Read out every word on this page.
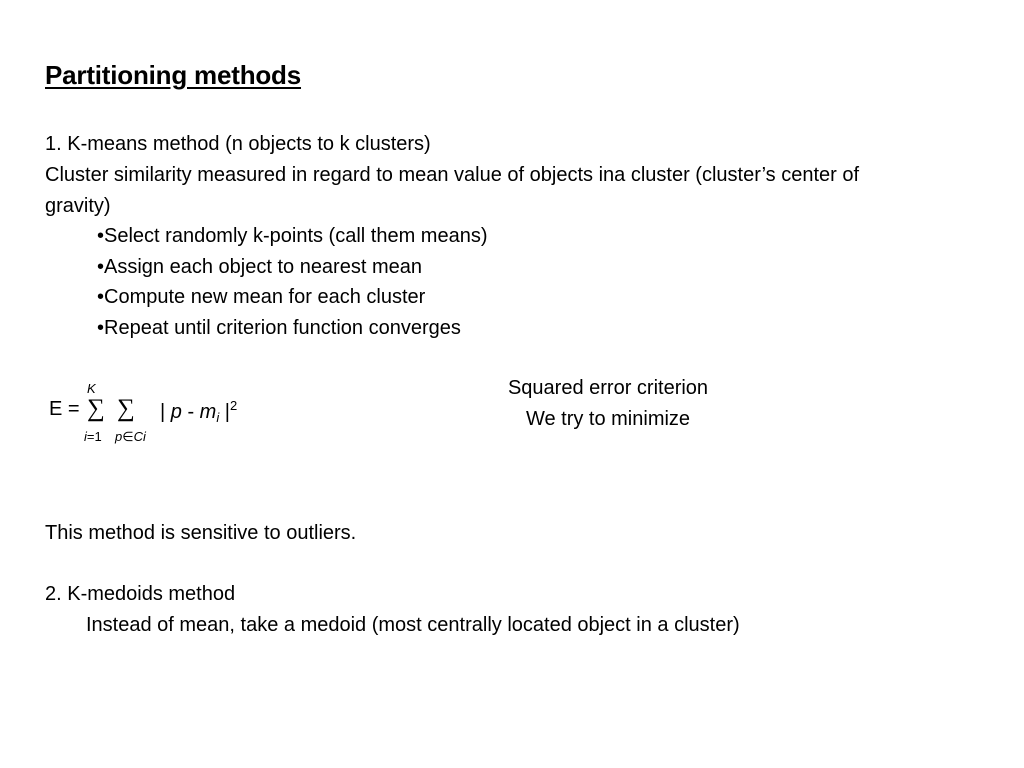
Partitioning methods
1. K-means method (n objects to k clusters)
Cluster similarity measured in regard to mean value of objects ina cluster (cluster’s center of gravity)
• Select randomly k-points (call them means)
• Assign each object to nearest mean
• Compute new mean for each cluster
• Repeat until criterion function converges
E =
K
∑ ∑
i=1 p∈Ci
| p - $m_i$ $|^2$
Squared error criterion
We try to minimize
This method is sensitive to outliers.
2. K-medoids method
Instead of mean, take a medoid (most centrally located object in a cluster)
